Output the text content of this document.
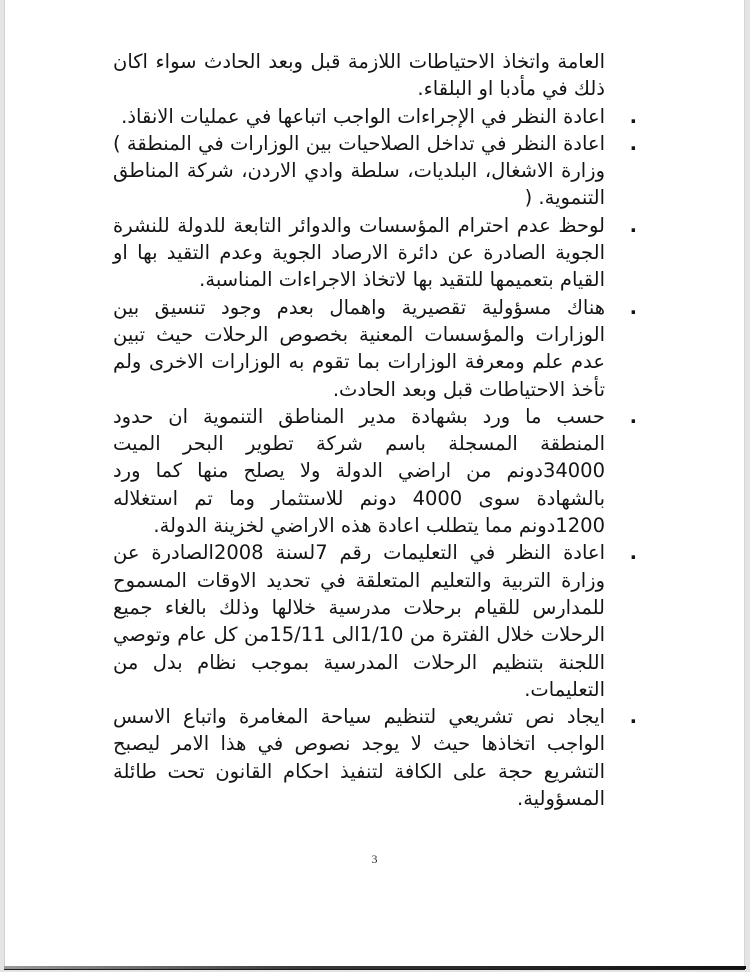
العامة واتخاذ الاحتياطات اللازمة قبل وبعد الحادث سواء اكان ذلك في مأدبا او البلقاء.

.
اعادة النظر في الإجراءات الواجب اتباعها في عمليات الانقاذ.
.
اعادة النظر في تداخل الصلاحيات بين الوزارات في المنطقة ) وزارة الاشغال، البلديات، سلطة وادي الاردن، شركة المناطق التنموية. (
.
لوحظ عدم احترام المؤسسات والدوائر التابعة للدولة للنشرة الجوية الصادرة عن دائرة الارصاد الجوية وعدم التقيد بها او القيام بتعميمها للتقيد بها لاتخاذ الاجراءات المناسبة.
.
هناك مسؤولية تقصيرية واهمال بعدم وجود تنسيق بين الوزارات والمؤسسات المعنية بخصوص الرحلات حيث تبين عدم علم ومعرفة الوزارات بما تقوم به الوزارات الاخرى ولم تأخذ الاحتياطات قبل وبعد الحادث.
.
حسب ما ورد بشهادة مدير المناطق التنموية ان حدود المنطقة المسجلة باسم شركة تطوير البحر الميت 34000دونم من اراضي الدولة ولا يصلح منها كما ورد بالشهادة سوى 4000 دونم للاستثمار وما تم استغلاله 1200دونم مما يتطلب اعادة هذه الاراضي لخزينة الدولة.
.
اعادة النظر في التعليمات رقم 7لسنة 2008الصادرة عن وزارة التربية والتعليم المتعلقة في تحديد الاوقات المسموح للمدارس للقيام برحلات مدرسية خلالها وذلك بالغاء جميع الرحلات خلال الفترة من 1/10الى 15/11من كل عام وتوصي اللجنة بتنظيم الرحلات المدرسية بموجب نظام بدل من التعليمات.
.
ايجاد نص تشريعي لتنظيم سياحة المغامرة واتباع الاسس الواجب اتخاذها حيث لا يوجد نصوص في هذا الامر ليصبح التشريع حجة على الكافة لتنفيذ احكام القانون تحت طائلة المسؤولية.
3
